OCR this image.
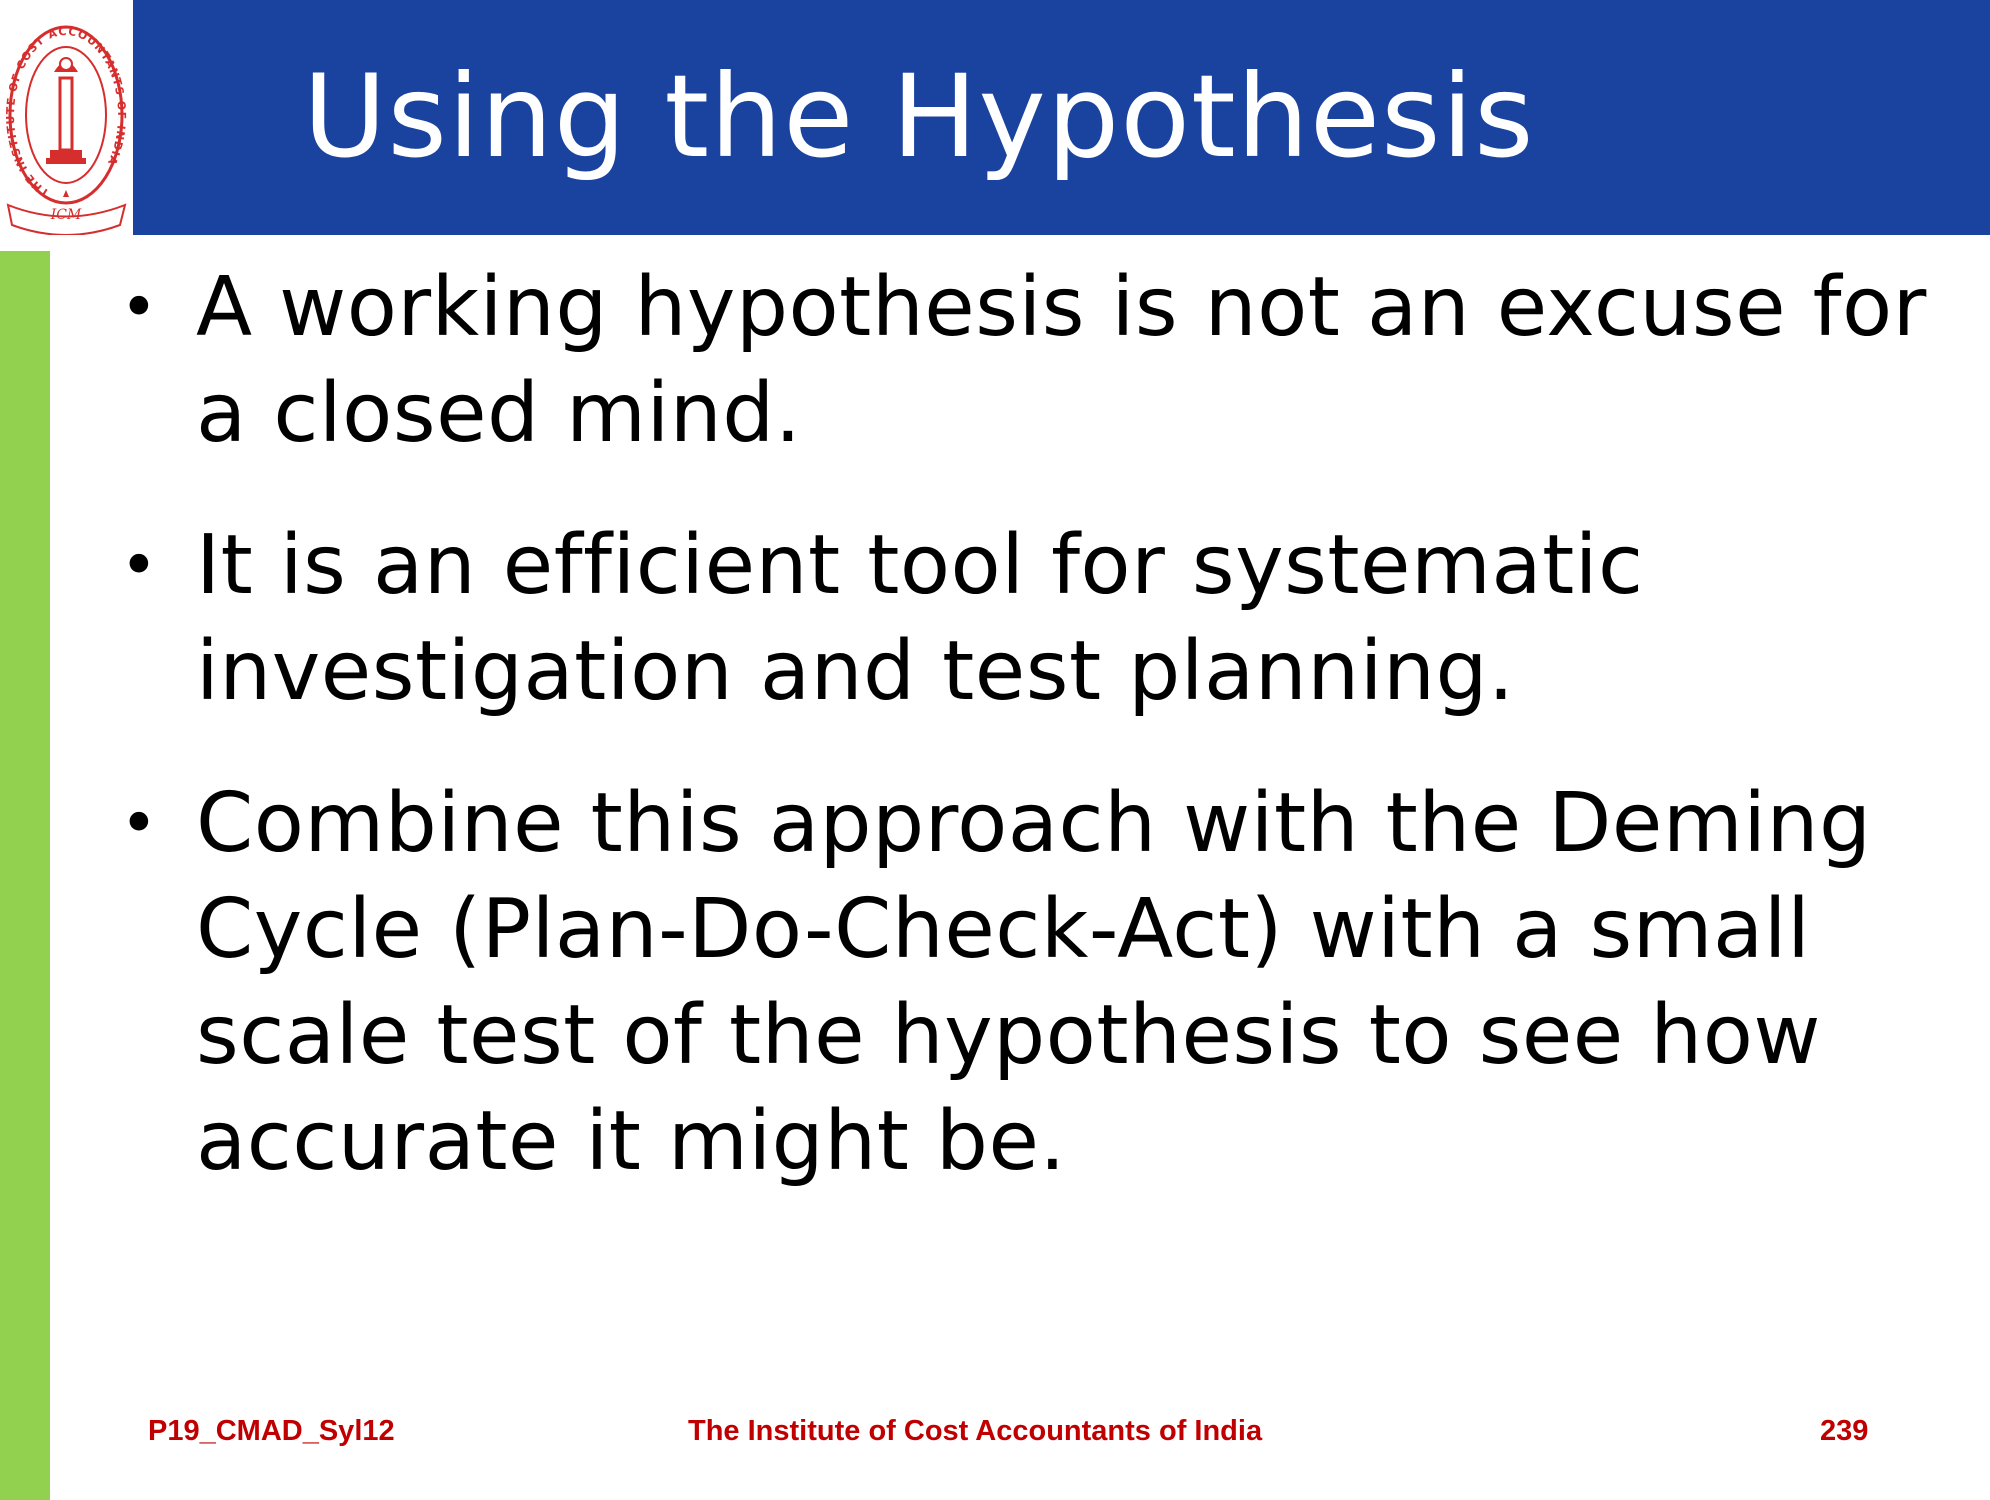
THE INSTITUTE OF COST ACCOUNTANTS OF INDIA
ICM
Using the Hypothesis
• A working hypothesis is not an excuse for a closed mind.
• It is an efficient tool for systematic investigation and test planning.
• Combine this approach with the Deming Cycle (Plan-Do-Check-Act) with a small scale test of the hypothesis to see how accurate it might be.
P19_CMAD_Syl12	The Institute of Cost Accountants of India	239
